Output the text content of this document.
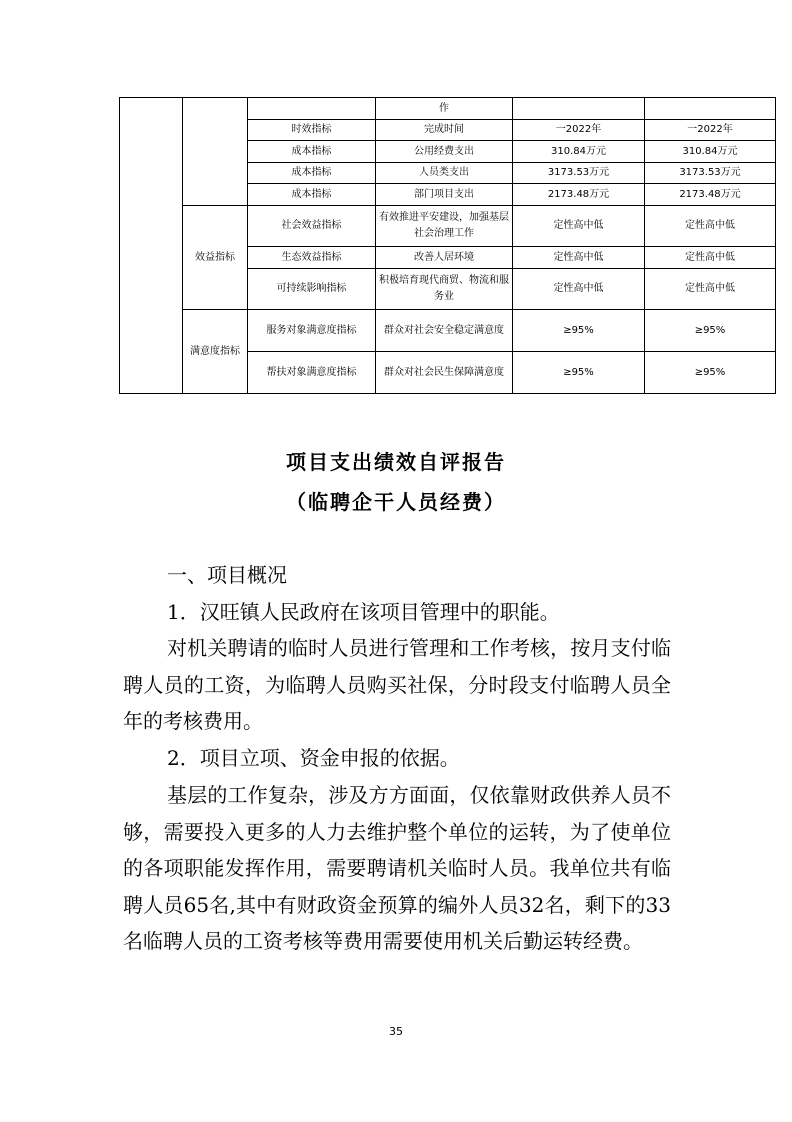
			作		
		时效指标	完成时间	一2022年	一2022年
		成本指标	公用经费支出	310.84万元	310.84万元
		成本指标	人员类支出	3173.53万元	3173.53万元
		成本指标	部门项目支出	2173.48万元	2173.48万元
	效益指标	社会效益指标	有效推进平安建设，加强基层社会治理工作	定性高中低	定性高中低
		生态效益指标	改善人居环境	定性高中低	定性高中低
		可持续影响指标	积极培育现代商贸、物流和服务业	定性高中低	定性高中低
	满意度指标	服务对象满意度指标	群众对社会安全稳定满意度	≥95%	≥95%
		帮扶对象满意度指标	群众对社会民生保障满意度	≥95%	≥95%
项目支出绩效自评报告
（临聘企干人员经费）
一、项目概况
1．汉旺镇人民政府在该项目管理中的职能。
对机关聘请的临时人员进行管理和工作考核，按月支付临聘人员的工资，为临聘人员购买社保，分时段支付临聘人员全年的考核费用。
2．项目立项、资金申报的依据。
基层的工作复杂，涉及方方面面，仅依靠财政供养人员不够，需要投入更多的人力去维护整个单位的运转，为了使单位的各项职能发挥作用，需要聘请机关临时人员。我单位共有临聘人员65名,其中有财政资金预算的编外人员32名，剩下的33名临聘人员的工资考核等费用需要使用机关后勤运转经费。
35
